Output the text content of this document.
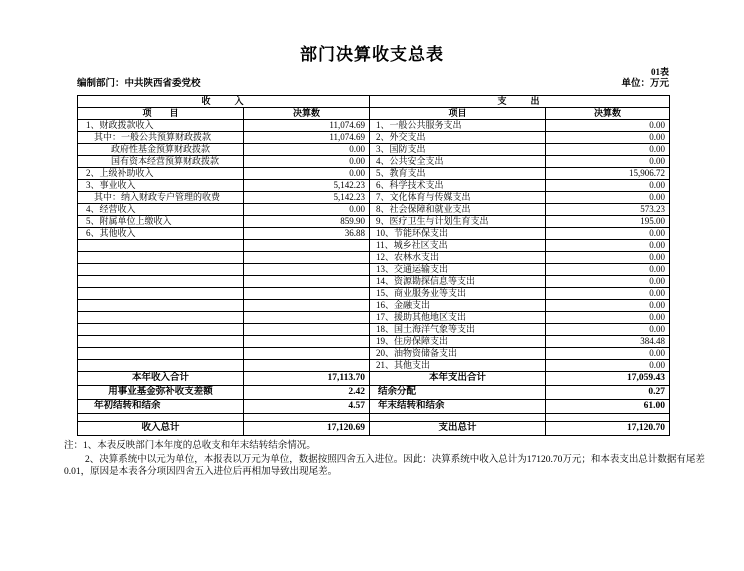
部门决算收支总表
01表
编制部门：中共陕西省委党校	单位：万元
收　　入		支　　出	
项　　目	决算数	项目	决算数
1、财政拨款收入	11,074.69	1、一般公共服务支出	0.00
其中：一般公共预算财政拨款	11,074.69	2、外交支出	0.00
政府性基金预算财政拨款	0.00	3、国防支出	0.00
国有资本经营预算财政拨款	0.00	4、公共安全支出	0.00
2、上级补助收入	0.00	5、教育支出	15,906.72
3、事业收入	5,142.23	6、科学技术支出	0.00
其中：纳入财政专户管理的收费	5,142.23	7、文化体育与传媒支出	0.00
4、经营收入	0.00	8、社会保障和就业支出	573.23
5、附属单位上缴收入	859.90	9、医疗卫生与计划生育支出	195.00
6、其他收入	36.88	10、节能环保支出	0.00
		11、城乡社区支出	0.00
		12、农林水支出	0.00
		13、交通运输支出	0.00
		14、资源勘探信息等支出	0.00
		15、商业服务业等支出	0.00
		16、金融支出	0.00
		17、援助其他地区支出	0.00
		18、国土海洋气象等支出	0.00
		19、住房保障支出	384.48
		20、油物资储备支出	0.00
		21、其他支出	0.00
本年收入合计	17,113.70	本年支出合计	17,059.43
用事业基金弥补收支差额	2.42	结余分配	0.27
年初结转和结余	4.57	年末结转和结余	61.00

收入总计	17,120.69	支出总计	17,120.70

注：1、本表反映部门本年度的总收支和年末结转结余情况。

2、决算系统中以元为单位，本报表以万元为单位，数据按照四舍五入进位。因此：决算系统中收入总计为17120.70万元；和本表支出总计数据有尾差0.01，原因是本表各分项因四舍五入进位后再相加导致出现尾差。
